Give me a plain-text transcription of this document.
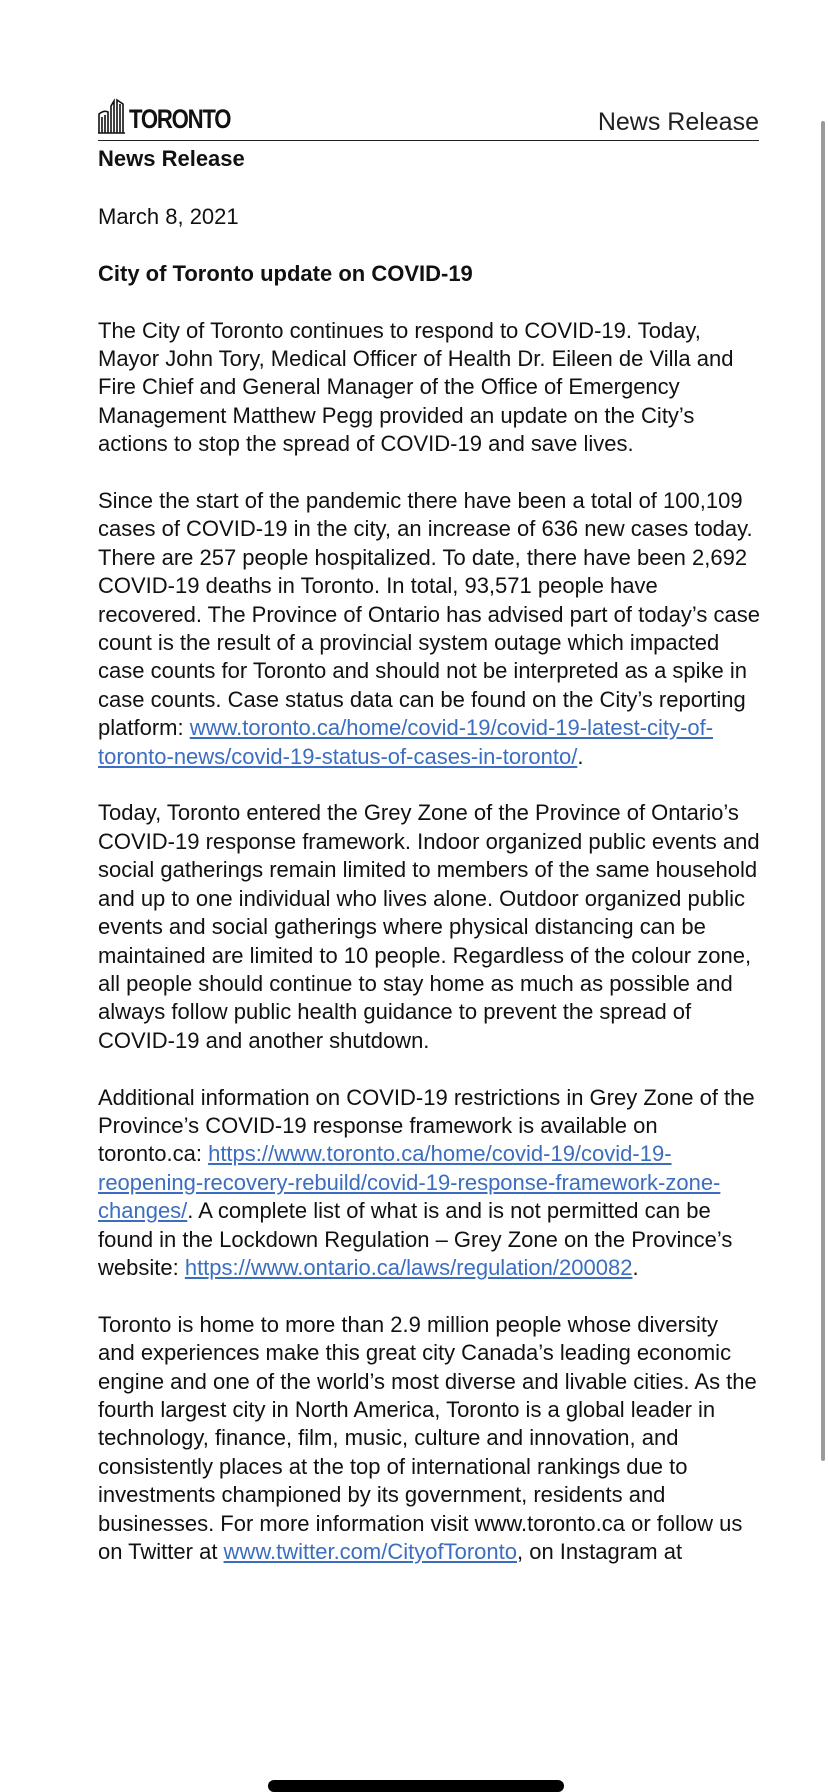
TORONTO	News Release
News Release

March 8, 2021

City of Toronto update on COVID-19

The City of Toronto continues to respond to COVID-19. Today, Mayor John Tory, Medical Officer of Health Dr. Eileen de Villa and Fire Chief and General Manager of the Office of Emergency Management Matthew Pegg provided an update on the City’s actions to stop the spread of COVID-19 and save lives.

Since the start of the pandemic there have been a total of 100,109 cases of COVID-19 in the city, an increase of 636 new cases today. There are 257 people hospitalized. To date, there have been 2,692 COVID-19 deaths in Toronto. In total, 93,571 people have recovered. The Province of Ontario has advised part of today’s case count is the result of a provincial system outage which impacted case counts for Toronto and should not be interpreted as a spike in case counts. Case status data can be found on the City’s reporting platform: www.toronto.ca/home/covid-19/covid-19-latest-city-of-toronto-news/covid-19-status-of-cases-in-toronto/.

Today, Toronto entered the Grey Zone of the Province of Ontario’s COVID-19 response framework. Indoor organized public events and social gatherings remain limited to members of the same household and up to one individual who lives alone. Outdoor organized public events and social gatherings where physical distancing can be maintained are limited to 10 people. Regardless of the colour zone, all people should continue to stay home as much as possible and always follow public health guidance to prevent the spread of COVID-19 and another shutdown.

Additional information on COVID-19 restrictions in Grey Zone of the Province’s COVID-19 response framework is available on toronto.ca: https://www.toronto.ca/home/covid-19/covid-19-reopening-recovery-rebuild/covid-19-response-framework-zone-changes/. A complete list of what is and is not permitted can be found in the Lockdown Regulation – Grey Zone on the Province’s website: https://www.ontario.ca/laws/regulation/200082.

Toronto is home to more than 2.9 million people whose diversity and experiences make this great city Canada’s leading economic engine and one of the world’s most diverse and livable cities. As the fourth largest city in North America, Toronto is a global leader in technology, finance, film, music, culture and innovation, and consistently places at the top of international rankings due to investments championed by its government, residents and businesses. For more information visit www.toronto.ca or follow us on Twitter at www.twitter.com/CityofToronto, on Instagram at
